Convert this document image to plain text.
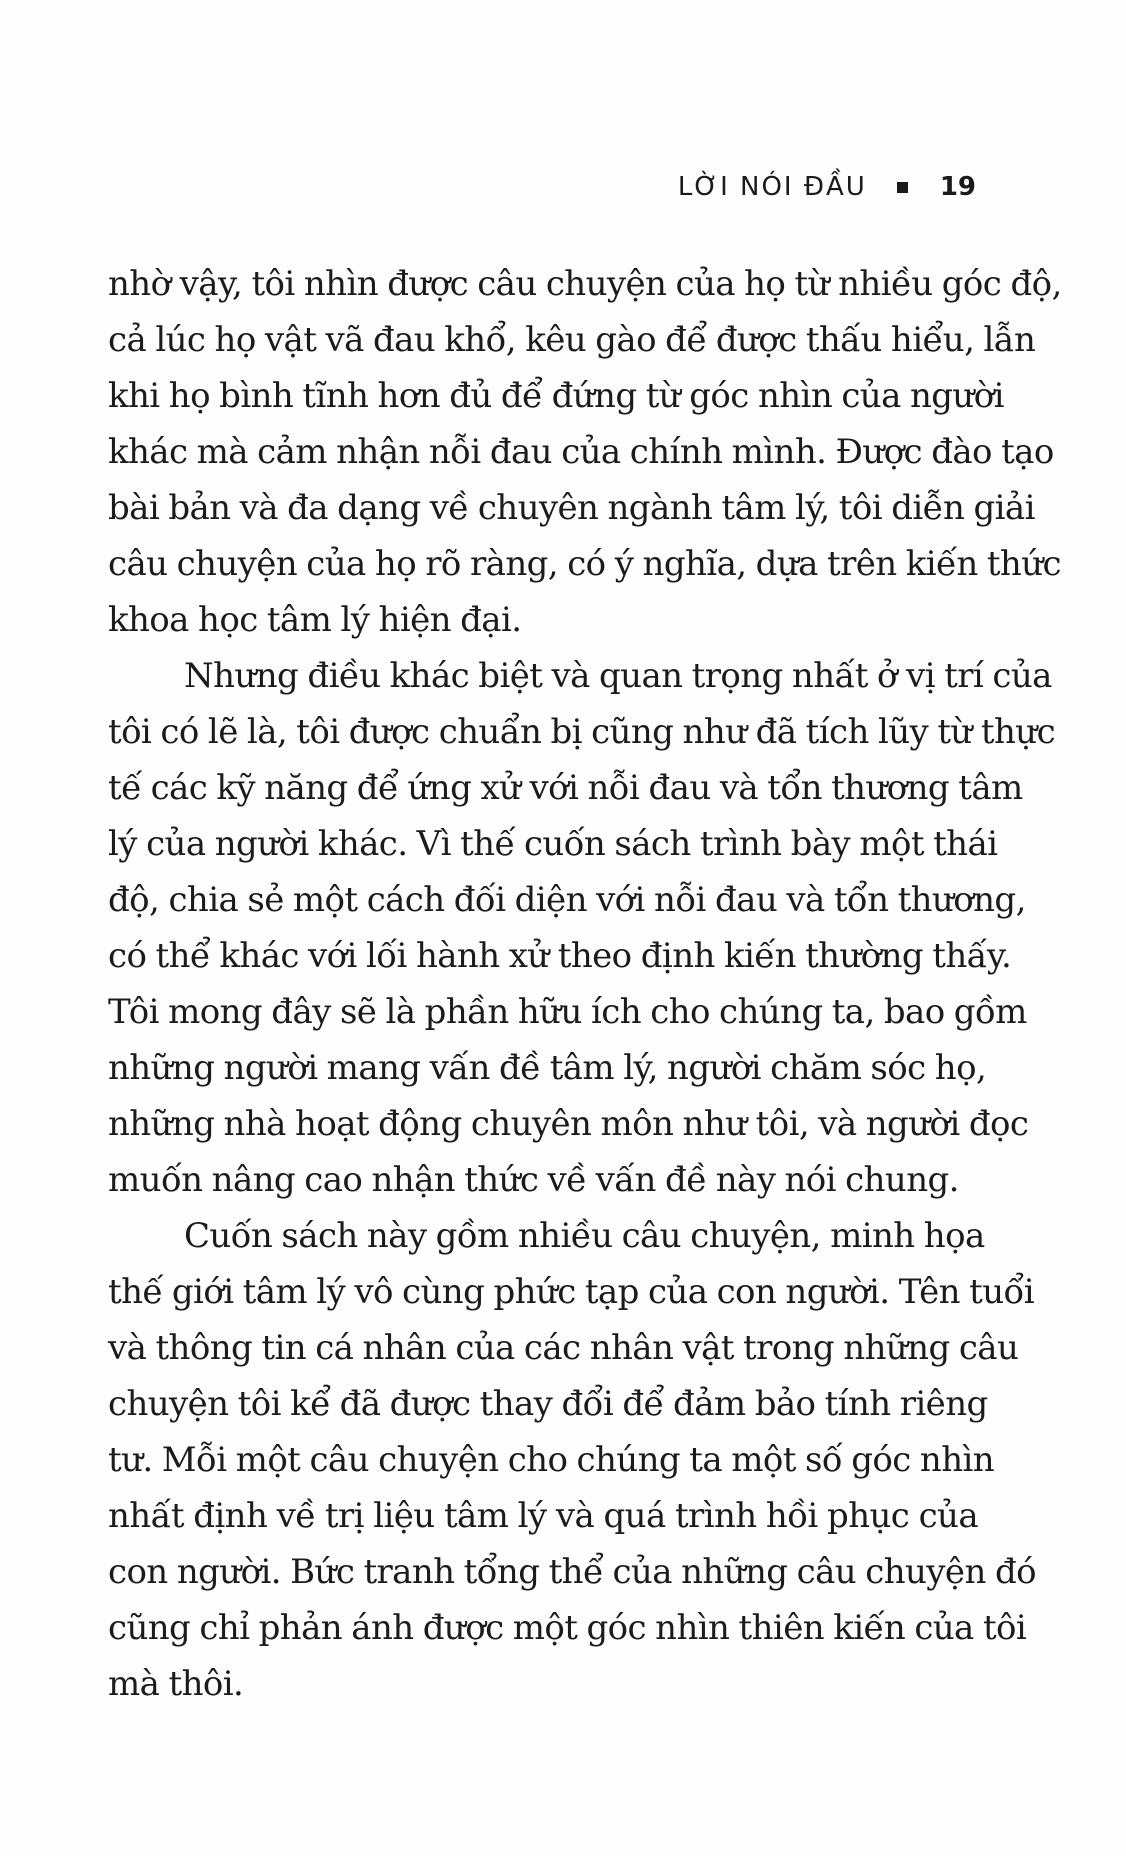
LỜI NÓI ĐẦU	19
nhờ vậy, tôi nhìn được câu chuyện của họ từ nhiều góc độ,
cả lúc họ vật vã đau khổ, kêu gào để được thấu hiểu, lẫn
khi họ bình tĩnh hơn đủ để đứng từ góc nhìn của người
khác mà cảm nhận nỗi đau của chính mình. Được đào tạo
bài bản và đa dạng về chuyên ngành tâm lý, tôi diễn giải
câu chuyện của họ rõ ràng, có ý nghĩa, dựa trên kiến thức
khoa học tâm lý hiện đại.
Nhưng điều khác biệt và quan trọng nhất ở vị trí của
tôi có lẽ là, tôi được chuẩn bị cũng như đã tích lũy từ thực
tế các kỹ năng để ứng xử với nỗi đau và tổn thương tâm
lý của người khác. Vì thế cuốn sách trình bày một thái
độ, chia sẻ một cách đối diện với nỗi đau và tổn thương,
có thể khác với lối hành xử theo định kiến thường thấy.
Tôi mong đây sẽ là phần hữu ích cho chúng ta, bao gồm
những người mang vấn đề tâm lý, người chăm sóc họ,
những nhà hoạt động chuyên môn như tôi, và người đọc
muốn nâng cao nhận thức về vấn đề này nói chung.
Cuốn sách này gồm nhiều câu chuyện, minh họa
thế giới tâm lý vô cùng phức tạp của con người. Tên tuổi
và thông tin cá nhân của các nhân vật trong những câu
chuyện tôi kể đã được thay đổi để đảm bảo tính riêng
tư. Mỗi một câu chuyện cho chúng ta một số góc nhìn
nhất định về trị liệu tâm lý và quá trình hồi phục của
con người. Bức tranh tổng thể của những câu chuyện đó
cũng chỉ phản ánh được một góc nhìn thiên kiến của tôi
mà thôi.
